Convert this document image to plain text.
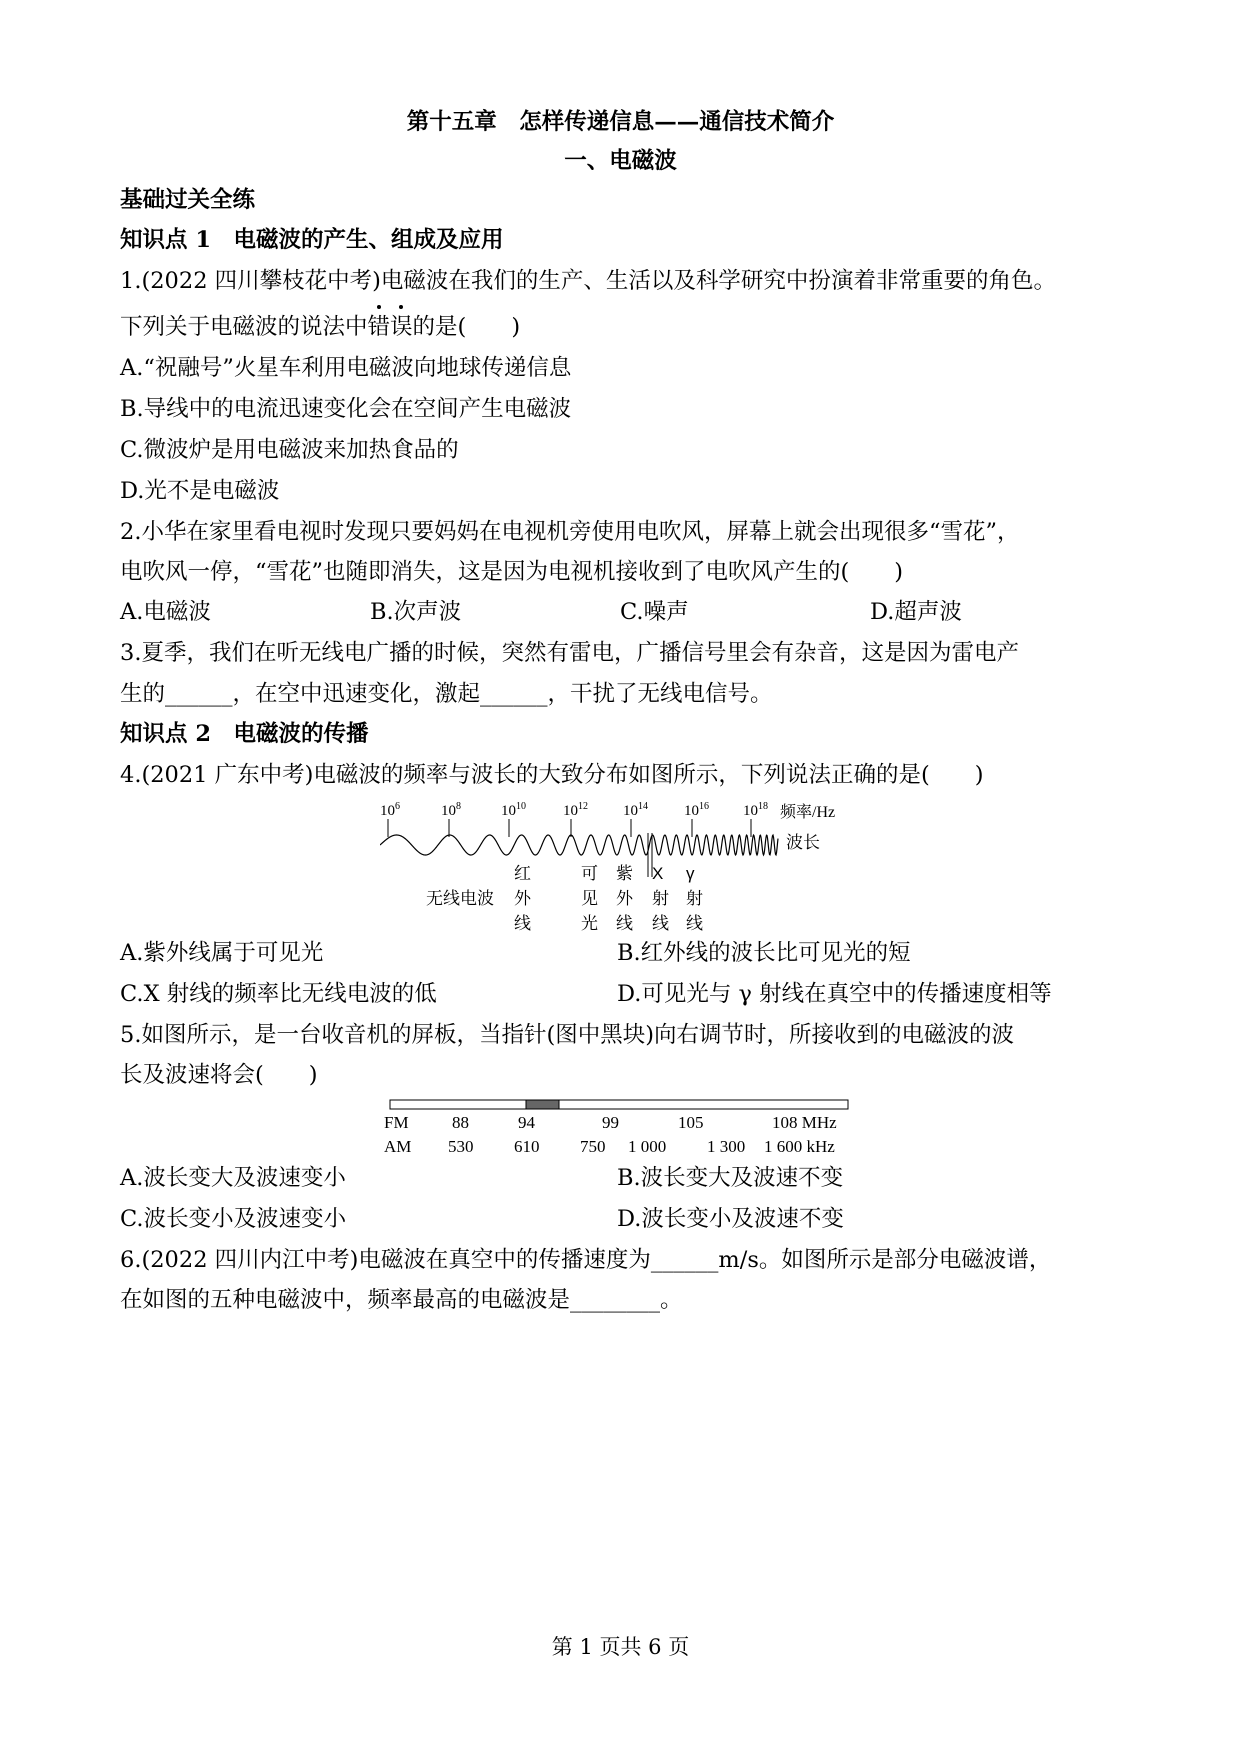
第十五章　怎样传递信息——通信技术简介
一、电磁波
基础过关全练
知识点 1　电磁波的产生、组成及应用
1.(2022 四川攀枝花中考)电磁波在我们的生产、生活以及科学研究中扮演着非常重要的角色。
下列关于电磁波的说法中错误的是(　　)
A.“祝融号”火星车利用电磁波向地球传递信息
B.导线中的电流迅速变化会在空间产生电磁波
C.微波炉是用电磁波来加热食品的
D.光不是电磁波
2.小华在家里看电视时发现只要妈妈在电视机旁使用电吹风，屏幕上就会出现很多“雪花”，
电吹风一停，“雪花”也随即消失，这是因为电视机接收到了电吹风产生的(　　)
A.电磁波	B.次声波	C.噪声	D.超声波
3.夏季，我们在听无线电广播的时候，突然有雷电，广播信号里会有杂音，这是因为雷电产
生的______，在空中迅速变化，激起______，干扰了无线电信号。
知识点 2　电磁波的传播
4.(2021 广东中考)电磁波的频率与波长的大致分布如图所示，下列说法正确的是(　　)
$10^6$	$10^8$	$10^{10}$ $10^{12}$ $10^{14}$ $10^{16}$ $10^{18}$ 频率/Hz
波长
无线电波
红
外
线
可
见
光
紫
外
线
X
射
线
γ
射
线
A.紫外线属于可见光	B.红外线的波长比可见光的短
C.X 射线的频率比无线电波的低	D.可见光与 γ 射线在真空中的传播速度相等
5.如图所示，是一台收音机的屏板，当指针(图中黑块)向右调节时，所接收到的电磁波的波
长及波速将会(　　)
FM	88	94	99	105	108 MHz
AM 530 610 750 1 000 1 300 1 600 kHz
A.波长变大及波速变小	B.波长变大及波速不变
C.波长变小及波速变小	D.波长变小及波速不变
6.(2022 四川内江中考)电磁波在真空中的传播速度为______m/s。如图所示是部分电磁波谱，
在如图的五种电磁波中，频率最高的电磁波是________。
第 1 页共 6 页
